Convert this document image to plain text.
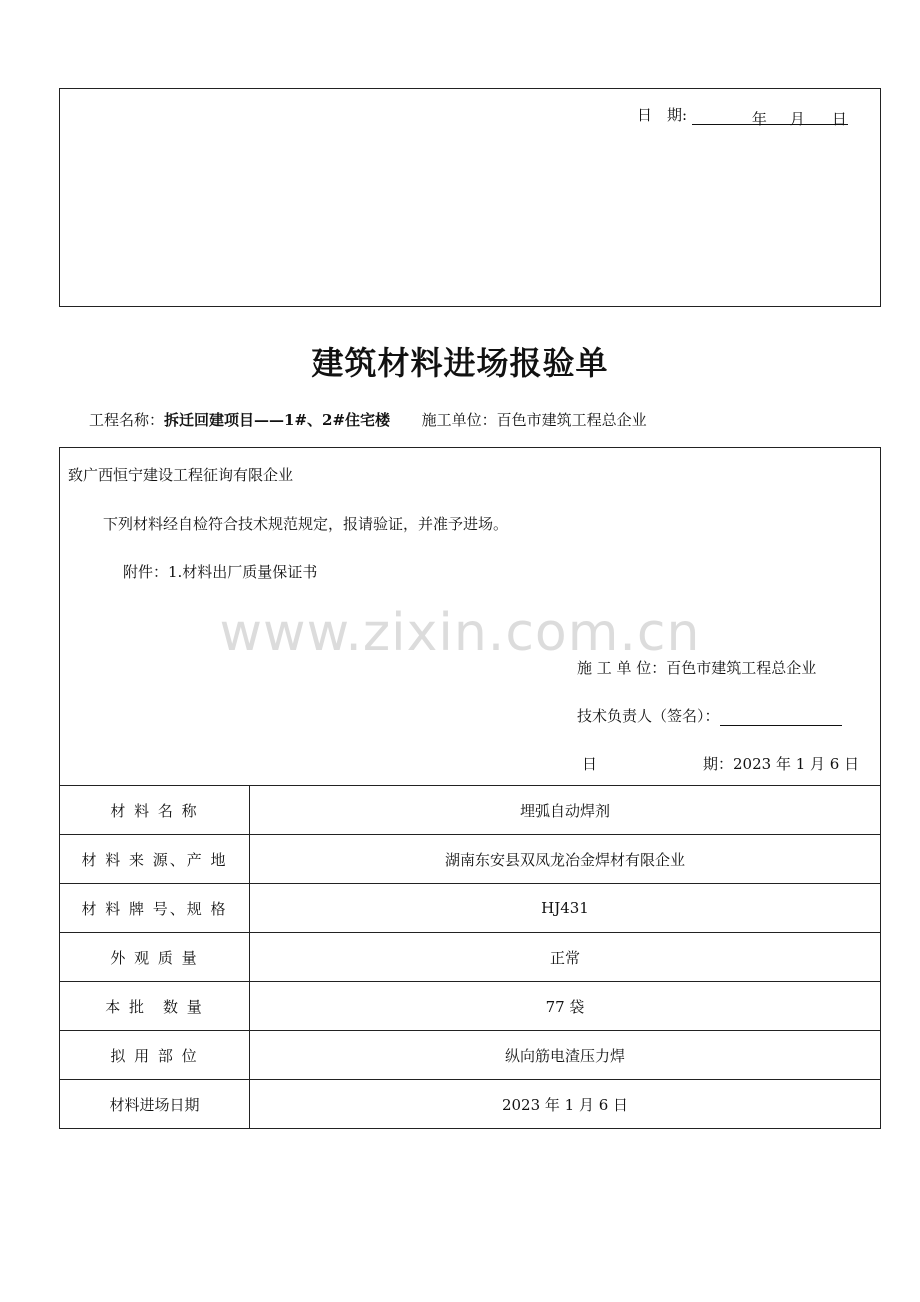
日　期:	年 月 日
建筑材料进场报验单
工程名称：拆迁回建项目——1#、2#住宅楼 施工单位：百色市建筑工程总企业
致广西恒宁建设工程征询有限企业
下列材料经自检符合技术规范规定，报请验证，并准予进场。
附件：1.材料出厂质量保证书
www.zixin.com.cn
施 工 单 位：百色市建筑工程总企业
技术负责人（签名）：
日	期：2023 年 1 月 6 日
材 料 名 称	埋弧自动焊剂
材 料 来 源、产 地	湖南东安县双凤龙冶金焊材有限企业
材 料 牌 号、规 格	HJ431
外 观 质 量	正常
本 批　数 量	77 袋
拟 用 部 位	纵向筋电渣压力焊
材料进场日期	2023 年 1 月 6 日
